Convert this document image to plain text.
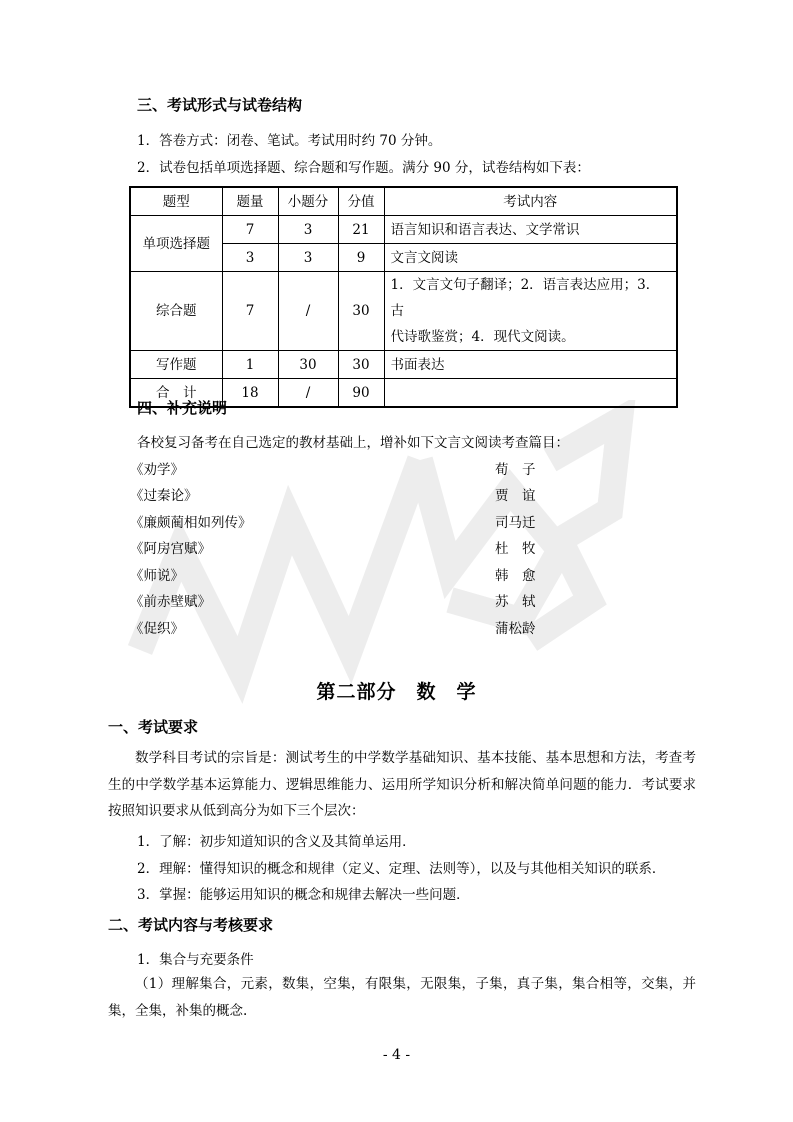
三、考试形式与试卷结构
1．答卷方式：闭卷、笔试。考试用时约 70 分钟。
2．试卷包括单项选择题、综合题和写作题。满分 90 分，试卷结构如下表：
题型	题量	小题分	分值	考试内容
单项选择题	7	3	21	语言知识和语言表达、文学常识
	3	3	9	文言文阅读
综合题	7	/	30	1．文言文句子翻译；2．语言表达应用；3．古
代诗歌鉴赏；4．现代文阅读。

写作题	1	30	30	书面表达
合　计	18	/	90	
四、补充说明
各校复习备考在自己选定的教材基础上，增补如下文言文阅读考查篇目：
《劝学》	荀　子
《过秦论》	贾　谊
《廉颇蔺相如列传》	司马迁
《阿房宫赋》	杜　牧
《师说》	韩　愈
《前赤壁赋》	苏　轼
《促织》	蒲松龄
第二部分　数　学
一、考试要求
数学科目考试的宗旨是：测试考生的中学数学基础知识、基本技能、基本思想和方法，考查考生的中学数学基本运算能力、逻辑思维能力、运用所学知识分析和解决简单问题的能力．考试要求按照知识要求从低到高分为如下三个层次：
1．了解：初步知道知识的含义及其简单运用．
2．理解：懂得知识的概念和规律（定义、定理、法则等），以及与其他相关知识的联系．
3．掌握：能够运用知识的概念和规律去解决一些问题．
二、考试内容与考核要求
1．集合与充要条件
（1）理解集合，元素，数集，空集，有限集，无限集，子集，真子集，集合相等，交集，并集，全集，补集的概念.
- 4 -
